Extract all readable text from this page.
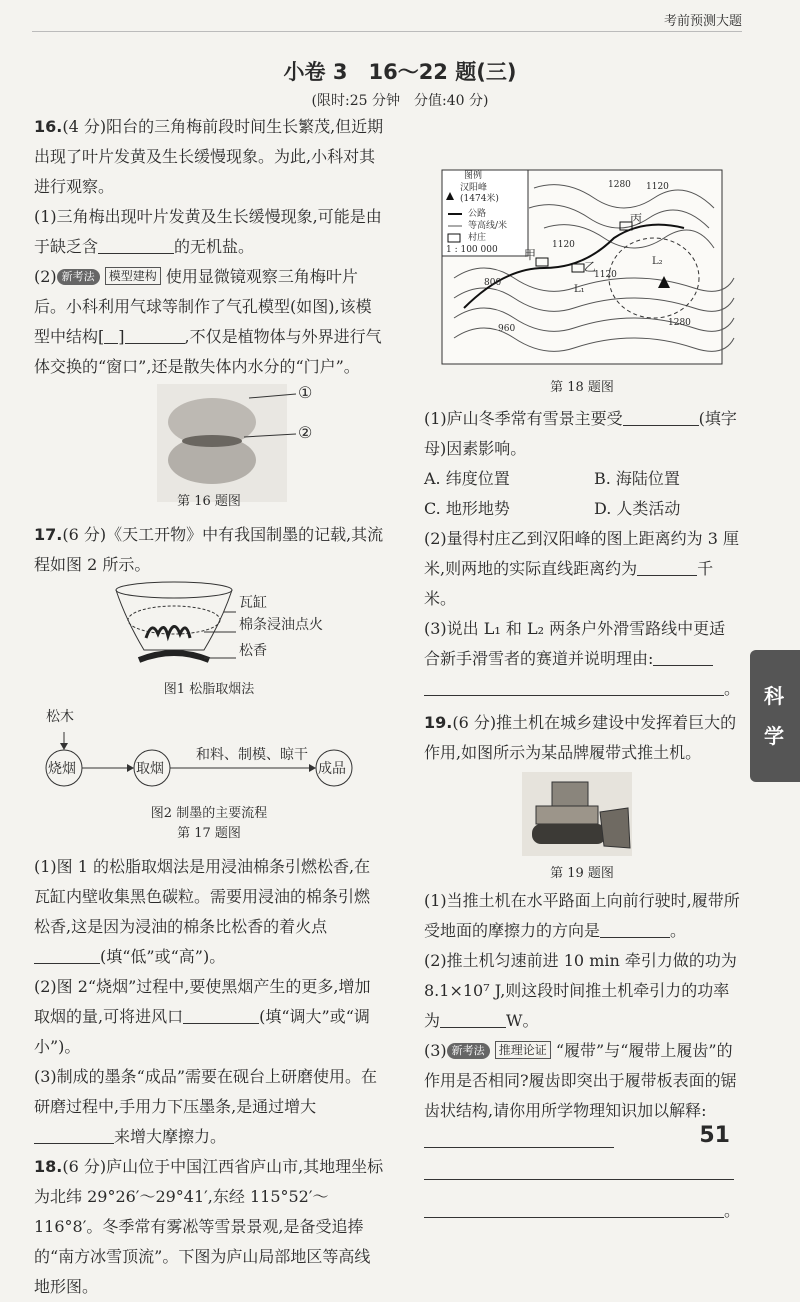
考前预测大题
小卷 3　16～22 题(三)
(限时:25 分钟　分值:40 分)

16.(4 分)阳台的三角梅前段时间生长繁茂,但近期出现了叶片发黄及生长缓慢现象。为此,小科对其进行观察。

(1)三角梅出现叶片发黄及生长缓慢现象,可能是由于缺乏含	的无机盐。

(2) 新考法 模型建构 使用显微镜观察三角梅叶片后。小科利用气球等制作了气孔模型(如图),该模型中结构[ ]	,不仅是植物体与外界进行气体交换的“窗口”,还是散失体内水分的“门户”。

①
②
第 16 题图

17.(6 分)《天工开物》中有我国制墨的记载,其流程如图 2 所示。

瓦缸
棉条浸油点火
松香
图1 松脂取烟法
松木
烧烟	取烟	成品
和料、制模、晾干
图2 制墨的主要流程
第 17 题图

(1)图 1 的松脂取烟法是用浸油棉条引燃松香,在瓦缸内壁收集黑色碳粒。需要用浸油的棉条引燃松香,这是因为浸油的棉条比松香的着火点(填“低”或“高”)。

(2)图 2“烧烟”过程中,要使黑烟产生的更多,增加取烟的量,可将进风口	(填“调大”或“调小”)。

(3)制成的墨条“成品”需要在砚台上研磨使用。在研磨过程中,手用力下压墨条,是通过增大来增大摩擦力。

18.(6 分)庐山位于中国江西省庐山市,其地理坐标为北纬 29°26′～29°41′,东经 115°52′～116°8′。冬季常有雾凇等雪景景观,是备受追捧的“南方冰雪顶流”。下图为庐山局部地区等高线地形图。

图例
汉阳峰
(1474米)
公路
等高线/米
村庄
1 : 100 000 甲
乙
丙
L₁
L₂
1280 1120
1120
1120
1280
960
800
第 18 题图

(1)庐山冬季常有雪景主要受	(填字母)因素影响。

A. 纬度位置	B. 海陆位置

C. 地形地势	D. 人类活动

(2)量得村庄乙到汉阳峰的图上距离约为 3 厘米,则两地的实际直线距离约为	千米。

(3)说出 L₁ 和 L₂ 两条户外滑雪路线中更适合新手滑雪者的赛道并说明理由:

。

19.(6 分)推土机在城乡建设中发挥着巨大的作用,如图所示为某品牌履带式推土机。

第 19 题图

(1)当推土机在水平路面上向前行驶时,履带所受地面的摩擦力的方向是	。

(2)推土机匀速前进 10 min 牵引力做的功为 8.1×10⁷ J,则这段时间推土机牵引力的功率为	W。

(3) 新考法 推理论证 “履带”与“履带上履齿”的作用是否相同?履齿即突出于履带板表面的锯齿状结构,请你用所学物理知识加以解释:

。
科
学
51
